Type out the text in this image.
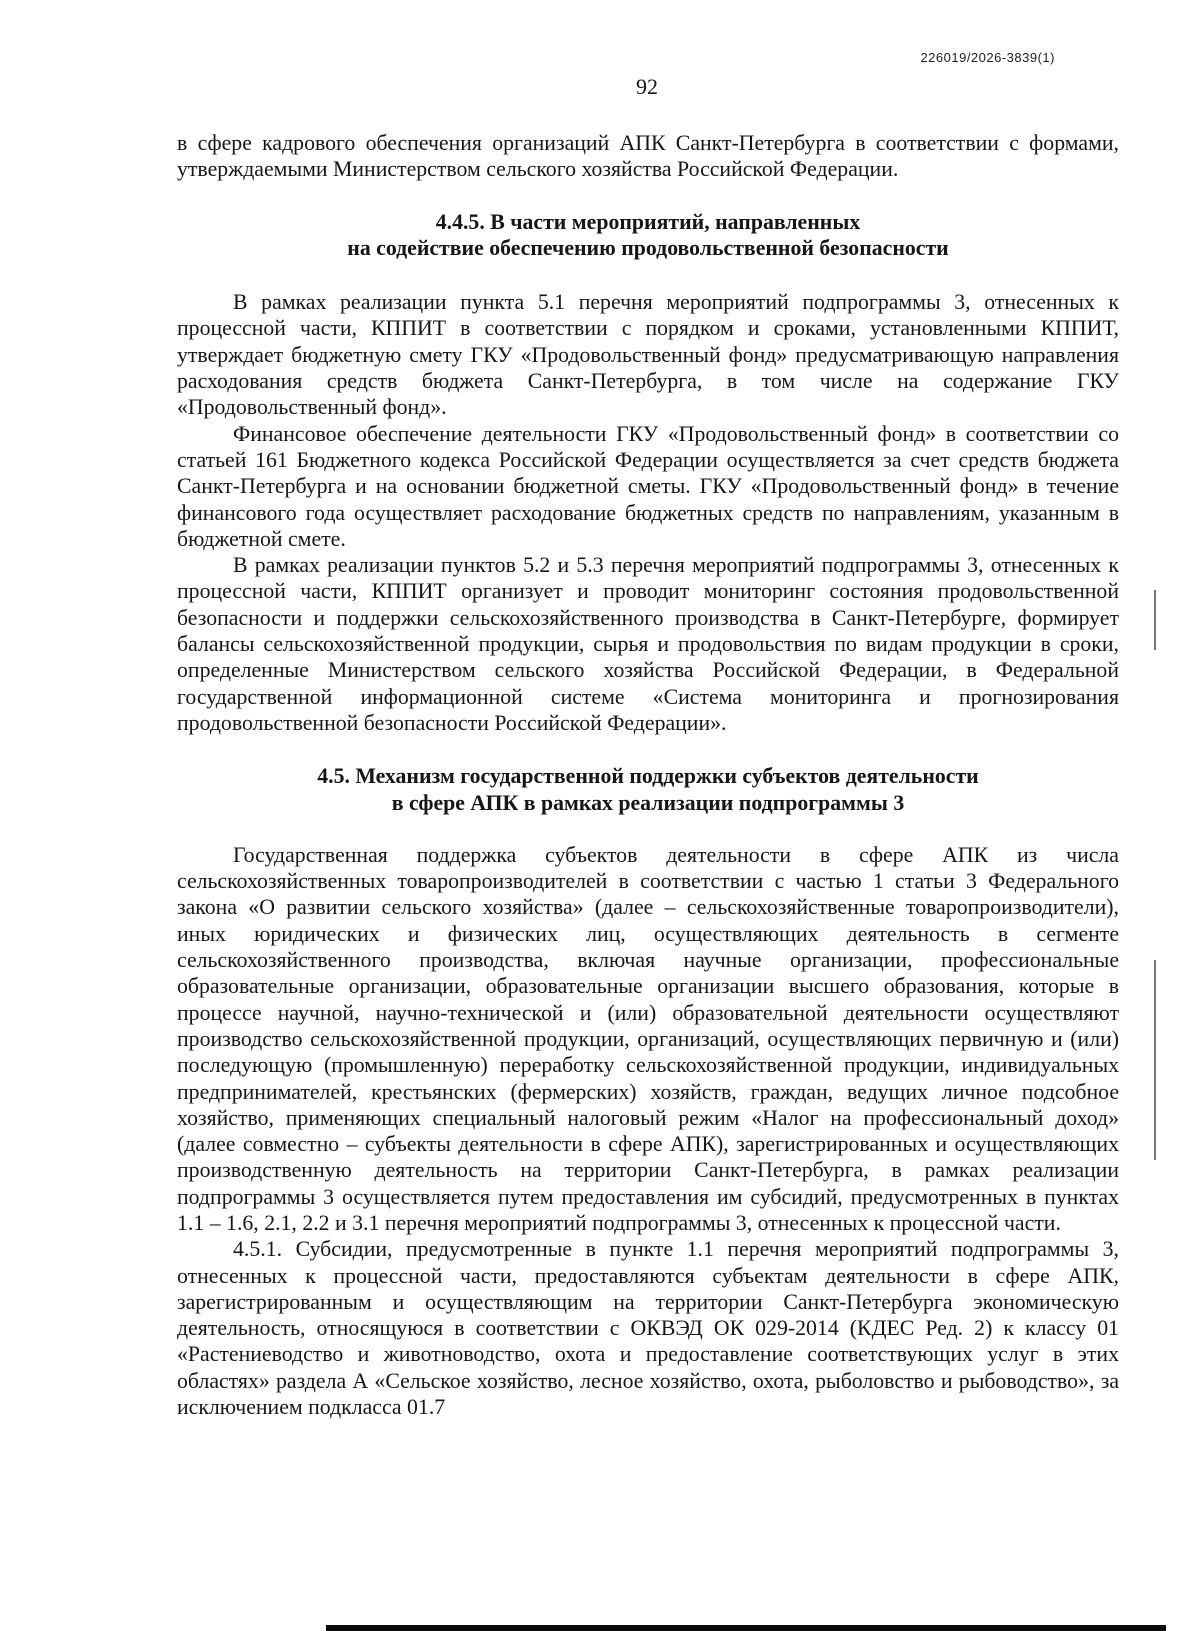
226019/2026-3839(1)
92

в сфере кадрового обеспечения организаций АПК Санкт-Петербурга в соответствии с формами, утверждаемыми Министерством сельского хозяйства Российской Федерации.

4.4.5. В части мероприятий, направленных
на содействие обеспечению продовольственной безопасности

В рамках реализации пункта 5.1 перечня мероприятий подпрограммы 3, отнесенных к процессной части, КППИТ в соответствии с порядком и сроками, установленными КППИТ, утверждает бюджетную смету ГКУ «Продовольственный фонд» предусматривающую направления расходования средств бюджета Санкт-Петербурга, в том числе на содержание ГКУ «Продовольственный фонд».

Финансовое обеспечение деятельности ГКУ «Продовольственный фонд» в соответствии со статьей 161 Бюджетного кодекса Российской Федерации осуществляется за счет средств бюджета Санкт-Петербурга и на основании бюджетной сметы. ГКУ «Продовольственный фонд» в течение финансового года осуществляет расходование бюджетных средств по направлениям, указанным в бюджетной смете.

В рамках реализации пунктов 5.2 и 5.3 перечня мероприятий подпрограммы 3, отнесенных к процессной части, КППИТ организует и проводит мониторинг состояния продовольственной безопасности и поддержки сельскохозяйственного производства в Санкт-Петербурге, формирует балансы сельскохозяйственной продукции, сырья и продовольствия по видам продукции в сроки, определенные Министерством сельского хозяйства Российской Федерации, в Федеральной государственной информационной системе «Система мониторинга и прогнозирования продовольственной безопасности Российской Федерации».

4.5. Механизм государственной поддержки субъектов деятельности
в сфере АПК в рамках реализации подпрограммы 3

Государственная поддержка субъектов деятельности в сфере АПК из числа сельскохозяйственных товаропроизводителей в соответствии с частью 1 статьи 3 Федерального закона «О развитии сельского хозяйства» (далее – сельскохозяйственные товаропроизводители), иных юридических и физических лиц, осуществляющих деятельность в сегменте сельскохозяйственного производства, включая научные организации, профессиональные образовательные организации, образовательные организации высшего образования, которые в процессе научной, научно-технической и (или) образовательной деятельности осуществляют производство сельскохозяйственной продукции, организаций, осуществляющих первичную и (или) последующую (промышленную) переработку сельскохозяйственной продукции, индивидуальных предпринимателей, крестьянских (фермерских) хозяйств, граждан, ведущих личное подсобное хозяйство, применяющих специальный налоговый режим «Налог на профессиональный доход» (далее совместно – субъекты деятельности в сфере АПК), зарегистрированных и осуществляющих производственную деятельность на территории Санкт-Петербурга, в рамках реализации подпрограммы 3 осуществляется путем предоставления им субсидий, предусмотренных в пунктах 1.1 – 1.6, 2.1, 2.2 и 3.1 перечня мероприятий подпрограммы 3, отнесенных к процессной части.

4.5.1. Субсидии, предусмотренные в пункте 1.1 перечня мероприятий подпрограммы 3, отнесенных к процессной части, предоставляются субъектам деятельности в сфере АПК, зарегистрированным и осуществляющим на территории Санкт-Петербурга экономическую деятельность, относящуюся в соответствии с ОКВЭД ОК 029-2014 (КДЕС Ред. 2) к классу 01 «Растениеводство и животноводство, охота и предоставление соответствующих услуг в этих областях» раздела А «Сельское хозяйство, лесное хозяйство, охота, рыболовство и рыбоводство», за исключением подкласса 01.7
